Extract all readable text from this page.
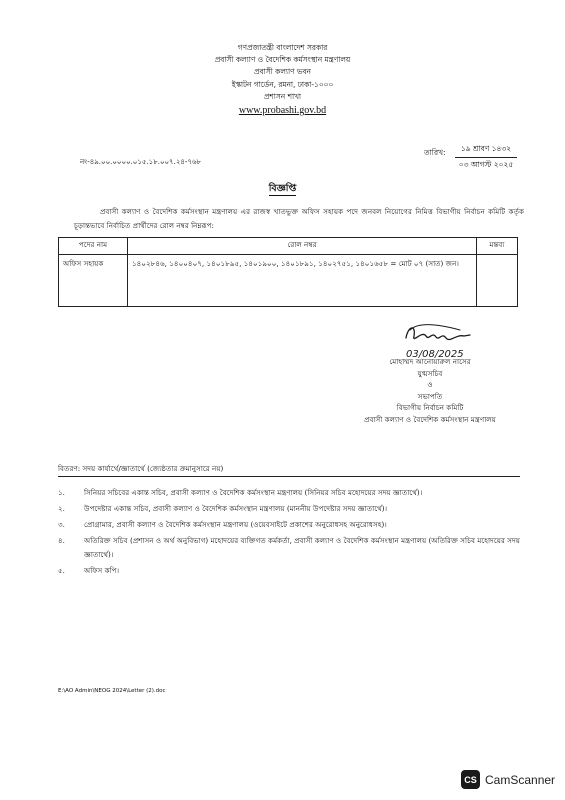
গণপ্রজাতন্ত্রী বাংলাদেশ সরকার
প্রবাসী কল্যাণ ও বৈদেশিক কর্মসংস্থান মন্ত্রণালয়
প্রবাসী কল্যাণ ভবন
ইস্কাটন গার্ডেন, রমনা, ঢাকা-১০০০
প্রশাসন শাখা
www.probashi.gov.bd
নং-৪৯.০০.০০০০.০১৫.১৮.০০৭.২৪-৭৬৮
তারিখ:	১৯ শ্রাবণ ১৪৩২
০৩ আগস্ট ২০২৫
বিজ্ঞপ্তি
প্রবাসী কল্যাণ ও বৈদেশিক কর্মসংস্থান মন্ত্রণালয় এর রাজস্ব খাতভুক্ত অফিস সহায়ক পদে জনবল নিয়োগের নিমিত্ত বিভাগীয় নির্বাচন কমিটি কর্তৃক চূড়ান্তভাবে নির্বাচিত প্রার্থীদের রোল নম্বর নিম্নরূপ:
পদের নাম	রোল নম্বর	মন্তব্য
অফিস সহায়ক	১৪০২৮৪৬, ১৪০০৪০৭, ১৪০১৮৯৫, ১৪০১৯০০, ১৪০১৮৯১, ১৪০২৭৫১, ১৪০১৬৫৮ = মোট ০৭ (সাত) জন।	
03/08/2025
মোহাম্মদ আনোয়ারুল নাসের
যুগ্মসচিব
ও
সভাপতি
বিভাগীয় নির্বাচন কমিটি
প্রবাসী কল্যাণ ও বৈদেশিক কর্মসংস্থান মন্ত্রণালয়
বিতরণ: সদয় কার্যার্থে/জ্ঞাতার্থে (জ্যেষ্ঠতার ক্রমানুসারে নয়)
১.	সিনিয়র সচিবের একান্ত সচিব, প্রবাসী কল্যাণ ও বৈদেশিক কর্মসংস্থান মন্ত্রণালয় (সিনিয়র সচিব মহোদয়ের সদয় জ্ঞাতার্থে)।
২.	উপদেষ্টার একান্ত সচিব, প্রবাসী কল্যাণ ও বৈদেশিক কর্মসংস্থান মন্ত্রণালয় (মাননীয় উপদেষ্টার সদয় জ্ঞাতার্থে)।
৩.	প্রোগ্রামার, প্রবাসী কল্যাণ ও বৈদেশিক কর্মসংস্থান মন্ত্রণালয় (ওয়েবসাইটে প্রকাশের অনুরোধসহ অনুরোধসহ)।
৪.	অতিরিক্ত সচিব (প্রশাসন ও অর্থ অনুবিভাগ) মহোদয়ের ব্যক্তিগত কর্মকর্তা, প্রবাসী কল্যাণ ও বৈদেশিক কর্মসংস্থান মন্ত্রণালয় (অতিরিক্ত সচিব মহোদয়ের সদয় জ্ঞাতার্থে)।
৫.	অফিস কপি।
E:\AO Admin\NEOG 2024\Letter (2).doc
CS CamScanner
